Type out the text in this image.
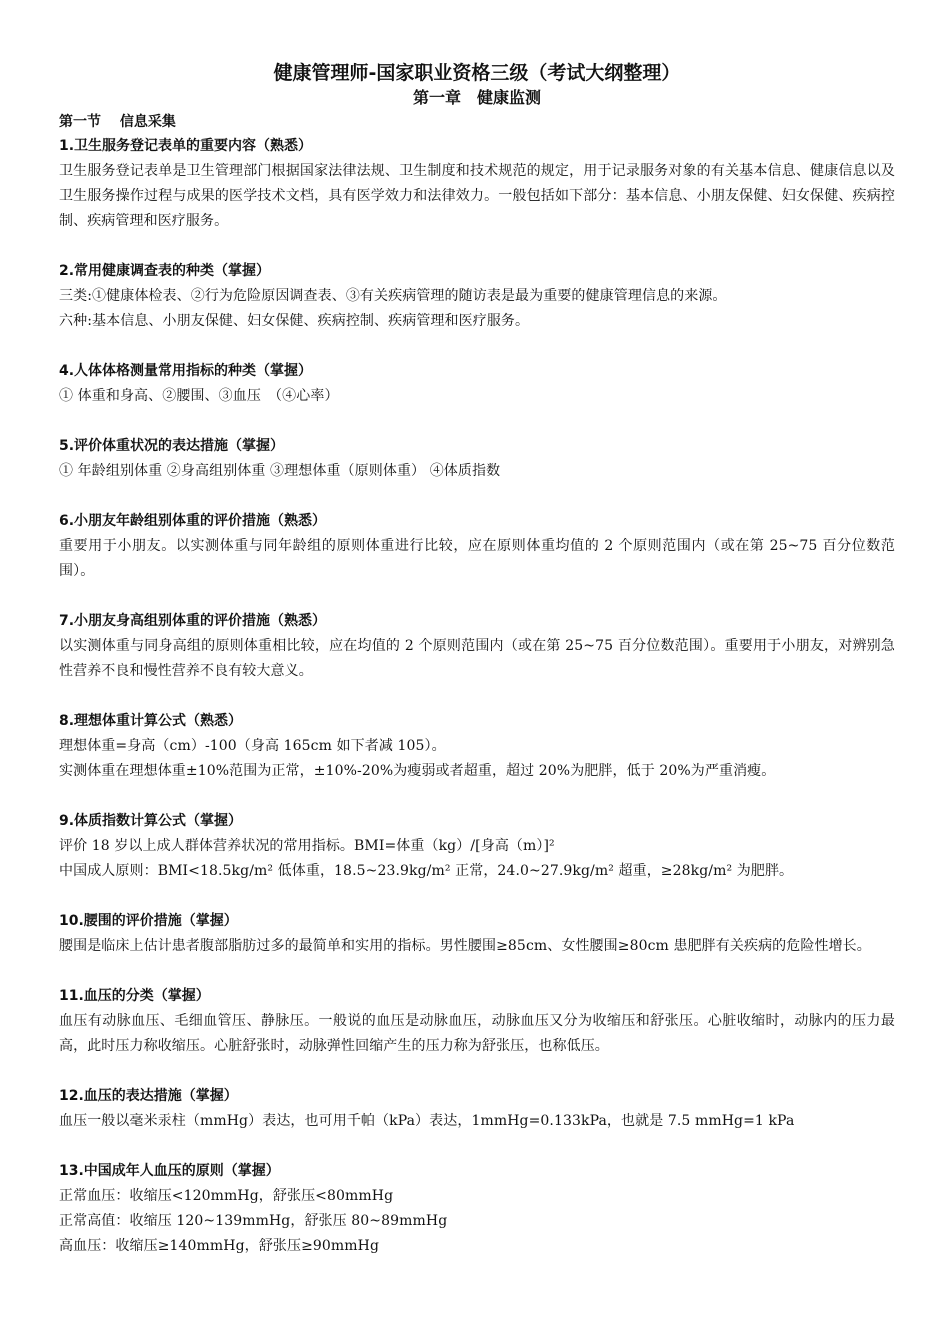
健康管理师-国家职业资格三级（考试大纲整理）
第一章　健康监测
第一节　 信息采集
1.卫生服务登记表单的重要内容（熟悉）
卫生服务登记表单是卫生管理部门根据国家法律法规、卫生制度和技术规范的规定，用于记录服务对象的有关基本信息、健康信息以及卫生服务操作过程与成果的医学技术文档，具有医学效力和法律效力。一般包括如下部分：基本信息、小朋友保健、妇女保健、疾病控制、疾病管理和医疗服务。
2.常用健康调查表的种类（掌握）
三类:①健康体检表、②行为危险原因调查表、③有关疾病管理的随访表是最为重要的健康管理信息的来源。
六种:基本信息、小朋友保健、妇女保健、疾病控制、疾病管理和医疗服务。
4.人体体格测量常用指标的种类（掌握）
① 体重和身高、②腰围、③血压　（④心率）
5.评价体重状况的表达措施（掌握）
① 年龄组别体重 ②身高组别体重 ③理想体重（原则体重） ④体质指数
6.小朋友年龄组别体重的评价措施（熟悉）
重要用于小朋友。以实测体重与同年龄组的原则体重进行比较，应在原则体重均值的 2 个原则范围内（或在第 25~75 百分位数范围）。
7.小朋友身高组别体重的评价措施（熟悉）
以实测体重与同身高组的原则体重相比较，应在均值的 2 个原则范围内（或在第 25~75 百分位数范围）。重要用于小朋友，对辨别急性营养不良和慢性营养不良有较大意义。
8.理想体重计算公式（熟悉）
理想体重=身高（cm）-100（身高 165cm 如下者减 105）。
实测体重在理想体重±10%范围为正常，±10%-20%为瘦弱或者超重，超过 20%为肥胖，低于 20%为严重消瘦。
9.体质指数计算公式（掌握）
评价 18 岁以上成人群体营养状况的常用指标。BMI=体重（kg）/[身高（m）]²
中国成人原则：BMI<18.5kg/m² 低体重，18.5~23.9kg/m² 正常，24.0~27.9kg/m² 超重，≥28kg/m² 为肥胖。
10.腰围的评价措施（掌握）
腰围是临床上估计患者腹部脂肪过多的最简单和实用的指标。男性腰围≥85cm、女性腰围≥80cm 患肥胖有关疾病的危险性增长。
11.血压的分类（掌握）
血压有动脉血压、毛细血管压、静脉压。一般说的血压是动脉血压，动脉血压又分为收缩压和舒张压。心脏收缩时，动脉内的压力最高，此时压力称收缩压。心脏舒张时，动脉弹性回缩产生的压力称为舒张压，也称低压。
12.血压的表达措施（掌握）
血压一般以毫米汞柱（mmHg）表达，也可用千帕（kPa）表达，1mmHg=0.133kPa，也就是 7.5 mmHg=1 kPa
13.中国成年人血压的原则（掌握）
正常血压：收缩压<120mmHg，舒张压<80mmHg
正常高值：收缩压 120~139mmHg，舒张压 80~89mmHg
高血压：收缩压≥140mmHg，舒张压≥90mmHg
